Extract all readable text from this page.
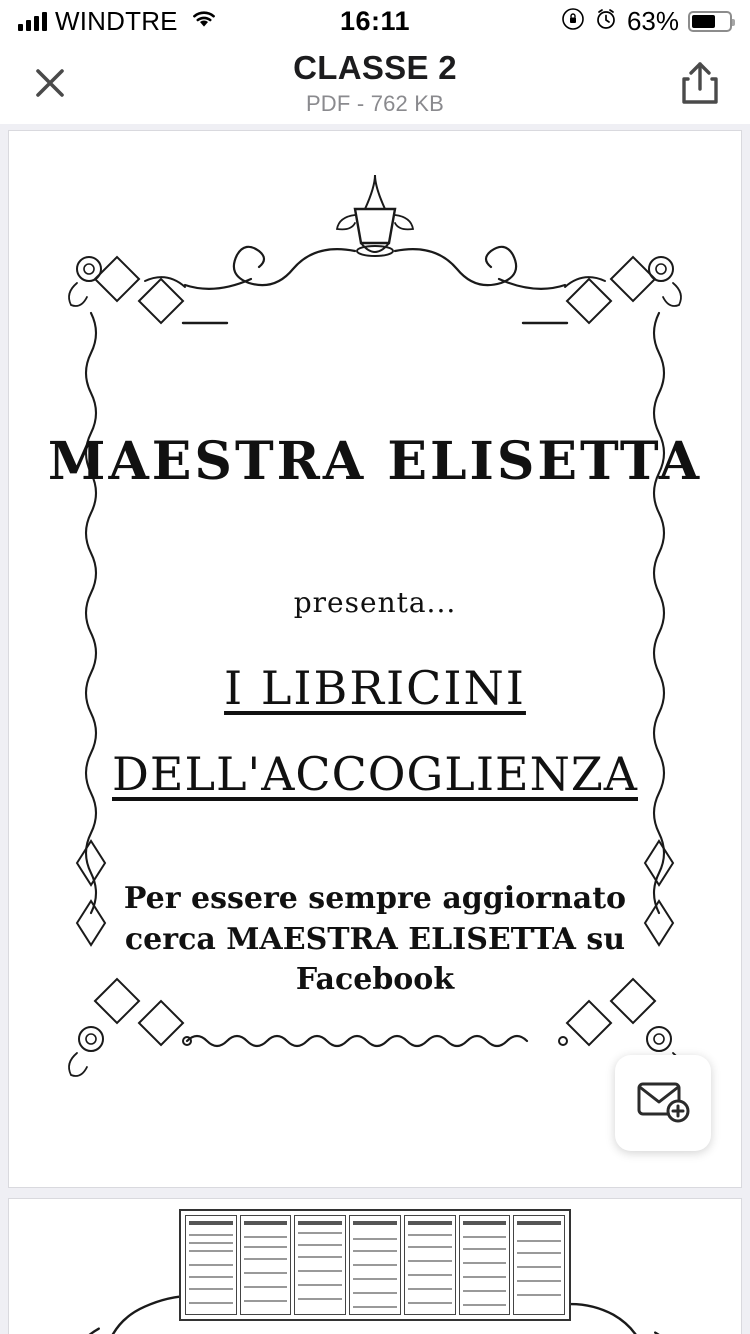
WINDTRE	16:11	63%
CLASSE 2
PDF - 762 KB
MAESTRA ELISETTA
presenta...
I LIBRICINI
DELL'ACCOGLIENZA
Per essere sempre aggiornato cerca MAESTRA ELISETTA su Facebook
